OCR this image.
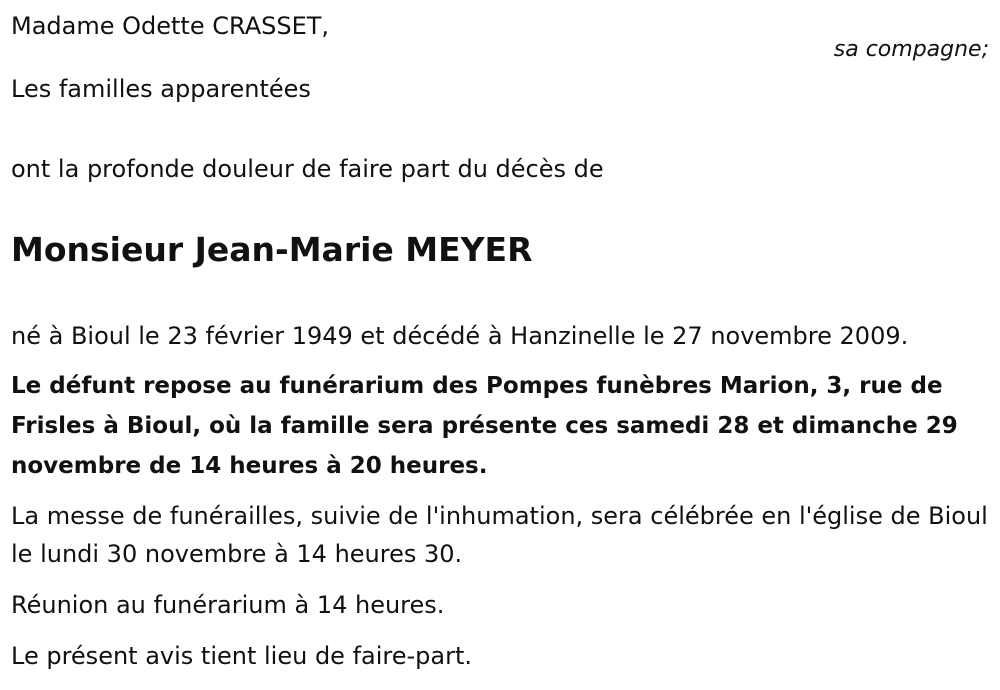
Madame Odette CRASSET,
sa compagne;
Les familles apparentées
ont la profonde douleur de faire part du décès de
Monsieur Jean-Marie MEYER
né à Bioul le 23 février 1949 et décédé à Hanzinelle le 27 novembre 2009.
Le défunt repose au funérarium des Pompes funèbres Marion, 3, rue de Frisles à Bioul, où la famille sera présente ces samedi 28 et dimanche 29 novembre de 14 heures à 20 heures.
La messe de funérailles, suivie de l'inhumation, sera célébrée en l'église de Bioul le lundi 30 novembre à 14 heures 30.
Réunion au funérarium à 14 heures.
Le présent avis tient lieu de faire-part.
